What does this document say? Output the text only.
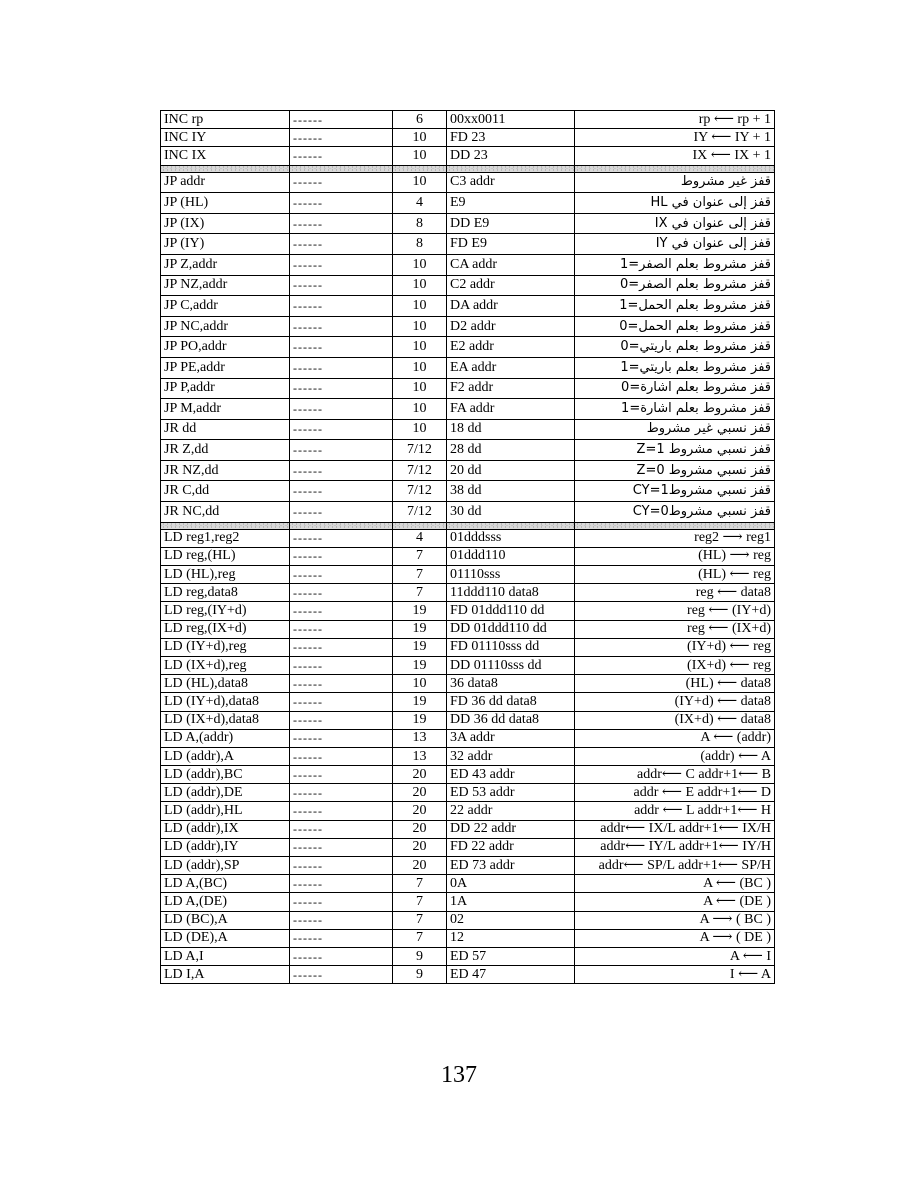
INC rp	------	6	00xx0011	rp ⟵ rp + 1
INC IY	------	10	FD 23	IY ⟵ IY + 1
INC IX	------	10	DD 23	IX ⟵ IX + 1

JP addr	------	10	C3 addr	قفز غير مشروط
JP (HL)	------	4	E9	قفز إلى عنوان في HL
JP (IX)	------	8	DD E9	قفز إلى عنوان في IX
JP (IY)	------	8	FD E9	قفز إلى عنوان في IY
JP Z,addr	------	10	CA addr	قفز مشروط بعلم الصفر=1
JP NZ,addr	------	10	C2 addr	قفز مشروط بعلم الصفر=0
JP C,addr	------	10	DA addr	قفز مشروط بعلم الحمل=1
JP NC,addr	------	10	D2 addr	قفز مشروط بعلم الحمل=0
JP PO,addr	------	10	E2 addr	قفز مشروط بعلم باريتي=0
JP PE,addr	------	10	EA addr	قفز مشروط بعلم باريتي=1
JP P,addr	------	10	F2 addr	قفز مشروط بعلم اشارة=0
JP M,addr	------	10	FA addr	قفز مشروط بعلم اشارة=1
JR dd	------	10	18 dd	قفز نسبي غير مشروط
JR Z,dd	------	7/12	28 dd	قفز نسبي مشروط Z=1
JR NZ,dd	------	7/12	20 dd	قفز نسبي مشروط Z=0
JR C,dd	------	7/12	38 dd	قفز نسبي مشروطCY=1
JR NC,dd	------	7/12	30 dd	قفز نسبي مشروطCY=0

LD reg1,reg2	------	4	01dddsss	reg2 ⟶ reg1
LD reg,(HL)	------	7	01ddd110	(HL) ⟶ reg
LD (HL),reg	------	7	01110sss	(HL) ⟵ reg
LD reg,data8	------	7	11ddd110 data8	reg ⟵ data8
LD reg,(IY+d)	------	19	FD 01ddd110 dd	reg ⟵ (IY+d)
LD reg,(IX+d)	------	19	DD 01ddd110 dd	reg ⟵ (IX+d)
LD (IY+d),reg	------	19	FD 01110sss dd	(IY+d) ⟵ reg
LD (IX+d),reg	------	19	DD 01110sss dd	(IX+d) ⟵ reg
LD (HL),data8	------	10	36 data8	(HL) ⟵ data8
LD (IY+d),data8	------	19	FD 36 dd data8	(IY+d) ⟵ data8
LD (IX+d),data8	------	19	DD 36 dd data8	(IX+d) ⟵ data8
LD A,(addr)	------	13	3A addr	A ⟵ (addr)
LD (addr),A	------	13	32 addr	(addr) ⟵ A
LD (addr),BC	------	20	ED 43 addr	addr⟵ C addr+1⟵ B
LD (addr),DE	------	20	ED 53 addr	addr ⟵ E addr+1⟵ D
LD (addr),HL	------	20	22 addr	addr ⟵ L addr+1⟵ H
LD (addr),IX	------	20	DD 22 addr	addr⟵ IX/L addr+1⟵ IX/H
LD (addr),IY	------	20	FD 22 addr	addr⟵ IY/L addr+1⟵ IY/H
LD (addr),SP	------	20	ED 73 addr	addr⟵ SP/L addr+1⟵ SP/H
LD A,(BC)	------	7	0A	A ⟵ (BC )
LD A,(DE)	------	7	1A	A ⟵ (DE )
LD (BC),A	------	7	02	A ⟶ ( BC )
LD (DE),A	------	7	12	A ⟶ ( DE )
LD A,I	------	9	ED 57	A ⟵ I
LD I,A	------	9	ED 47	I ⟵ A
137
